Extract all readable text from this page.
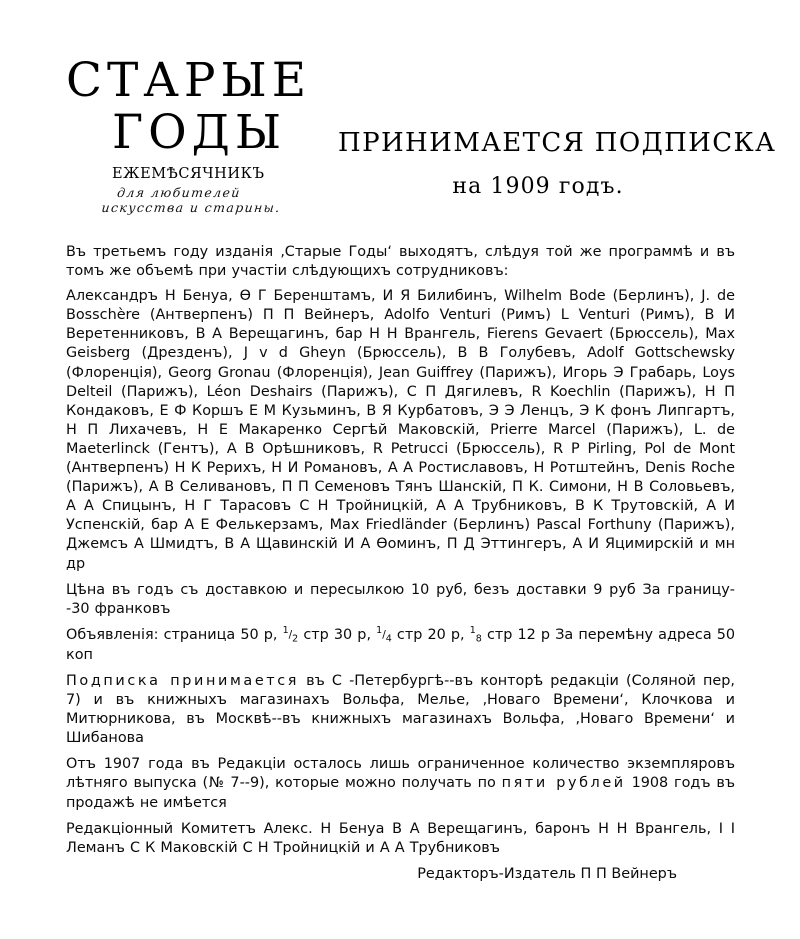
СТАРЫЕ
ГОДЫ
ЕЖЕМѢСЯЧНИКЪ
для любителей
искусства и старины.
ПРИНИМАЕТСЯ ПОДПИСКА
на 1909 годъ.

Въ третьемъ году изданiя ‚Старые Годы‘ выходятъ, слѣдуя той же программѣ и въ томъ же объемѣ при участiи слѣдующихъ сотрудниковъ:

Александръ Н Бенуа, Ѳ Г Беренштамъ, И Я Билибинъ, Wilhelm Bode (Берлинъ), J. de Bosschère (Антверпенъ) П П Вейнеръ, Adolfo Venturi (Римъ) L Venturi (Римъ), В И Веретенниковъ, В А Верещагинъ, бар Н Н Врангель, Fierens Gevaert (Брюссель), Max Geisberg (Дрезденъ), J v d Gheyn (Брюссель), В В Голубевъ, Adolf Gottschewsky (Флоренцiя), Georg Gronau (Флоренцiя), Jean Guiffrey (Парижъ), Игорь Э Грабарь, Loys Delteil (Парижъ), Léon Deshairs (Парижъ), С П Дягилевъ, R Koechlin (Парижъ), Н П Кондаковъ, Е Ф Коршъ Е М Кузьминъ, В Я Курбатовъ, Э Э Ленцъ, Э К фонъ Липгартъ, Н П Лихачевъ, Н Е Макаренко Сергѣй Маковскiй, Prierre Marcel (Парижъ), L. de Maeterlinck (Гентъ), А В Орѣшниковъ, R Petrucci (Брюссель), R P Pirling, Pol de Mont (Антверпенъ) Н К Рерихъ, Н И Романовъ, А А Ростиславовъ, Н Ротштейнъ, Denis Roche (Парижъ), А В Селивановъ, П П Семеновъ Тянъ Шанскiй, П К. Симони, Н В Соловьевъ, А А Спицынъ, Н Г Тарасовъ С Н Тройницкiй, А А Трубниковъ, В К Трутовскiй, А И Успенскiй, бар А Е Фелькерзамъ, Max Friedländer (Берлинъ) Pascal Forthuny (Парижъ), Джемсъ А Шмидтъ, В А Щавинскiй И А Ѳоминъ, П Д Эттингеръ, А И Яцимирскiй и мн др

Цѣна въ годъ съ доставкою и пересылкою 10 руб, безъ доставки 9 руб За границу--30 франковъ

Объявленiя: страница 50 р, $^1/_2$ стр 30 р, $^1/_4$ стр 20 р, $^1_8$ стр 12 р За перемѣну адреса 50 коп

Подписка принимается въ С -Петербургѣ--въ конторѣ редакцiи (Соляной пер, 7) и въ книжныхъ магазинахъ Вольфа, Мелье, ‚Новаго Времени‘, Клочкова и Митюрникова, въ Москвѣ--въ книжныхъ магазинахъ Вольфа, ‚Новаго Времени‘ и Шибанова

Отъ 1907 года въ Редакцiи осталось лишь ограниченное количество экземпляровъ лѣтняго выпуска (№ 7--9), которые можно получать по пяти рублей 1908 годъ въ продажѣ не имѣется

Редакцiонный Комитетъ Алекс. Н Бенуа В А Верещагинъ, баронъ Н Н Врангель, I I Леманъ С К Маковскiй С Н Тройницкiй и А А Трубниковъ

Редакторъ-Издатель П П Вейнеръ
